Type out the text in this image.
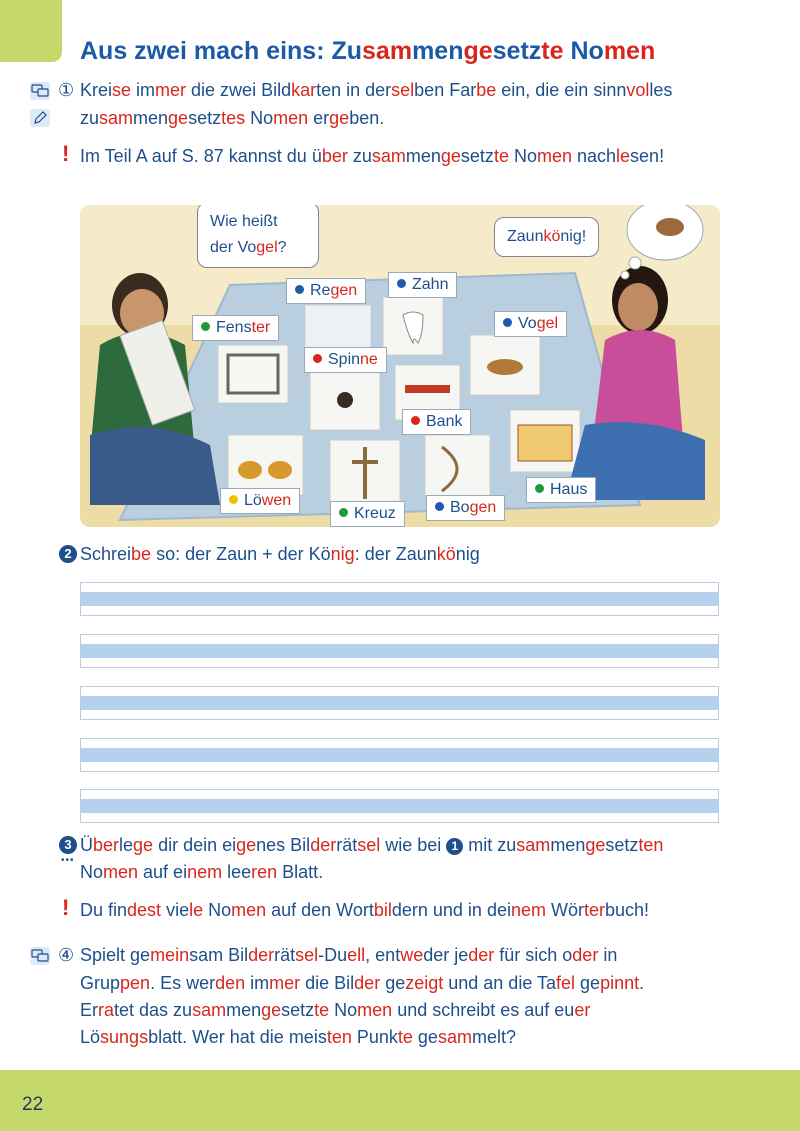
Aus zwei mach eins: Zusammengesetzte Nomen
① Kreise immer die zwei Bildkarten in derselben Farbe ein, die ein sinnvolles
zusammengesetztes Nomen ergeben.
! Im Teil A auf S. 87 kannst du über zusammengesetzte Nomen nachlesen!
Wie heißt
der Vogel?
Zaunkönig!
Fenster
Regen	Zahn
Vogel
Spinne
Bank
Haus
Löwen
Kreuz	Bogen
2 Schreibe so: der Zaun + der König: der Zaunkönig
3
•••
Überlege dir dein eigenes Bilderrätsel wie bei 1 mit zusammengesetzten
Nomen auf einem leeren Blatt.
! Du findest viele Nomen auf den Wortbildern und in deinem Wörterbuch!
④ Spielt gemeinsam Bilderrätsel-Duell, entweder jeder für sich oder in
Gruppen. Es werden immer die Bilder gezeigt und an die Tafel gepinnt.
Erratet das zusammengesetzte Nomen und schreibt es auf euer
Lösungsblatt. Wer hat die meisten Punkte gesammelt?
22
